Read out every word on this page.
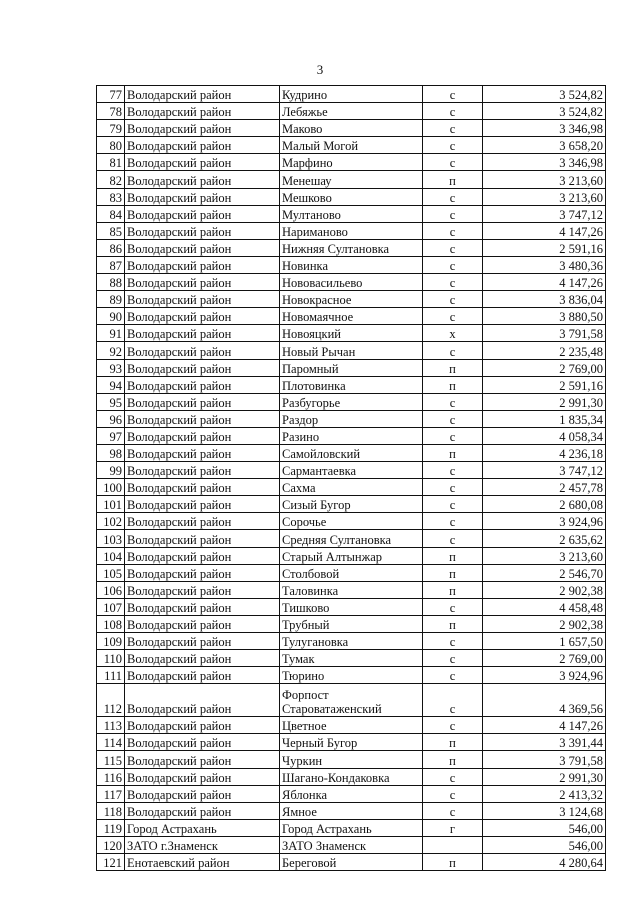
3
77	Володарский район	Кудрино	с	3 524,82
78	Володарский район	Лебяжье	с	3 524,82
79	Володарский район	Маково	с	3 346,98
80	Володарский район	Малый Могой	с	3 658,20
81	Володарский район	Марфино	с	3 346,98
82	Володарский район	Менешау	п	3 213,60
83	Володарский район	Мешково	с	3 213,60
84	Володарский район	Мултаново	с	3 747,12
85	Володарский район	Нариманово	с	4 147,26
86	Володарский район	Нижняя Султановка	с	2 591,16
87	Володарский район	Новинка	с	3 480,36
88	Володарский район	Нововасильево	с	4 147,26
89	Володарский район	Новокрасное	с	3 836,04
90	Володарский район	Новомаячное	с	3 880,50
91	Володарский район	Новояцкий	х	3 791,58
92	Володарский район	Новый Рычан	с	2 235,48
93	Володарский район	Паромный	п	2 769,00
94	Володарский район	Плотовинка	п	2 591,16
95	Володарский район	Разбугорье	с	2 991,30
96	Володарский район	Раздор	с	1 835,34
97	Володарский район	Разино	с	4 058,34
98	Володарский район	Самойловский	п	4 236,18
99	Володарский район	Сармантаевка	с	3 747,12
100	Володарский район	Сахма	с	2 457,78
101	Володарский район	Сизый Бугор	с	2 680,08
102	Володарский район	Сорочье	с	3 924,96
103	Володарский район	Средняя Султановка	с	2 635,62
104	Володарский район	Старый Алтынжар	п	3 213,60
105	Володарский район	Столбовой	п	2 546,70
106	Володарский район	Таловинка	п	2 902,38
107	Володарский район	Тишково	с	4 458,48
108	Володарский район	Трубный	п	2 902,38
109	Володарский район	Тулугановка	с	1 657,50
110	Володарский район	Тумак	с	2 769,00
111	Володарский район	Тюрино	с	3 924,96
112	Володарский район	Форпост Староватаженский	с	4 369,56
113	Володарский район	Цветное	с	4 147,26
114	Володарский район	Черный Бугор	п	3 391,44
115	Володарский район	Чуркин	п	3 791,58
116	Володарский район	Шагано-Кондаковка	с	2 991,30
117	Володарский район	Яблонка	с	2 413,32
118	Володарский район	Ямное	с	3 124,68
119	Город Астрахань	Город Астрахань	г	546,00
120	ЗАТО г.Знаменск	ЗАТО Знаменск		546,00
121	Енотаевский район	Береговой	п	4 280,64
